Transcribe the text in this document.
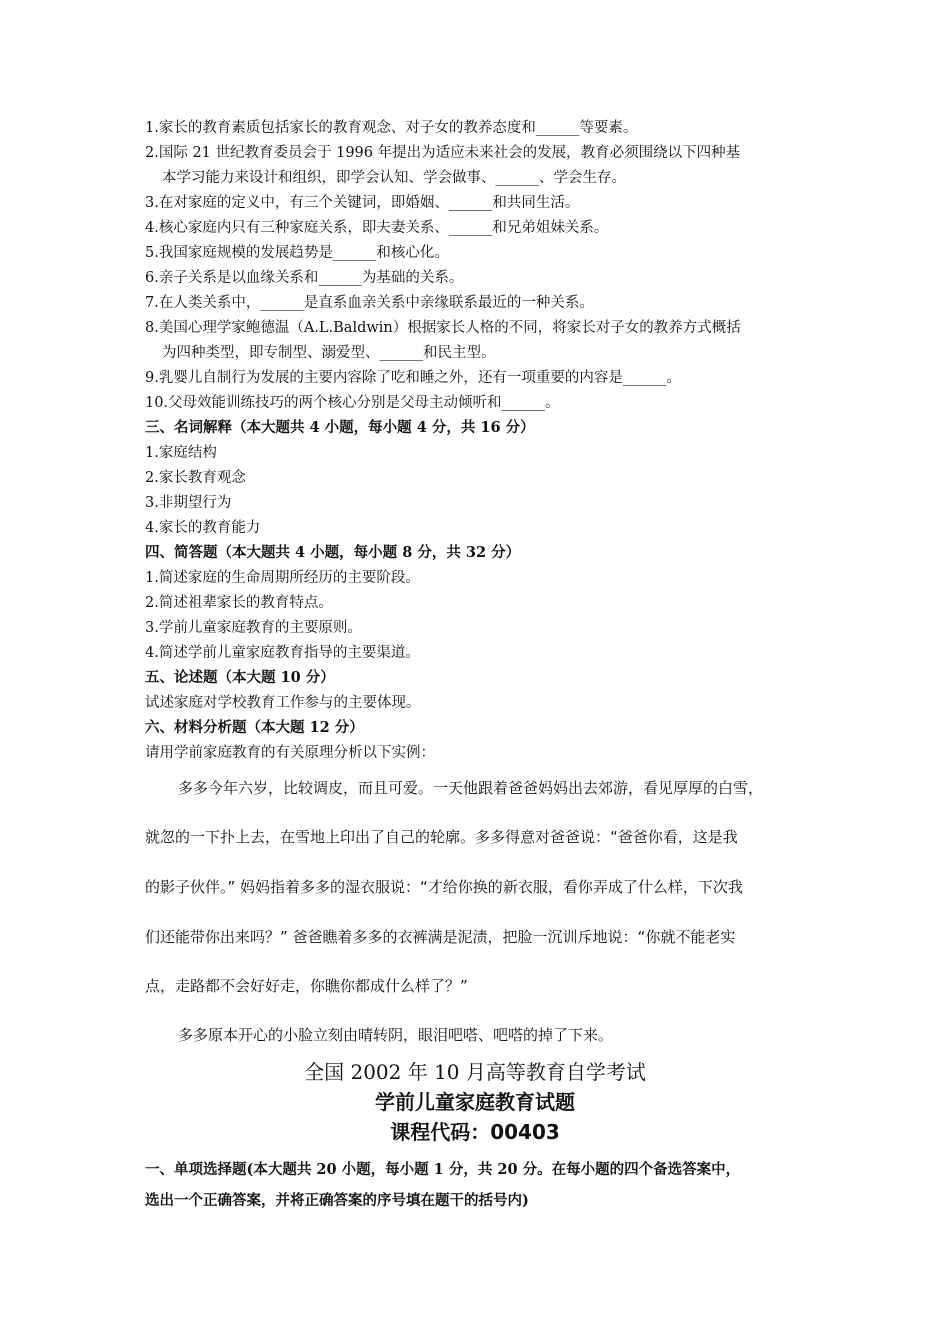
1.家长的教育素质包括家长的教育观念、对子女的教养态度和______等要素。
2.国际 21 世纪教育委员会于 1996 年提出为适应未来社会的发展，教育必须围绕以下四种基
本学习能力来设计和组织，即学会认知、学会做事、______、学会生存。
3.在对家庭的定义中，有三个关键词，即婚姻、______和共同生活。
4.核心家庭内只有三种家庭关系，即夫妻关系、______和兄弟姐妹关系。
5.我国家庭规模的发展趋势是______和核心化。
6.亲子关系是以血缘关系和______为基础的关系。
7.在人类关系中，______是直系血亲关系中亲缘联系最近的一种关系。
8.美国心理学家鲍德温（A.L.Baldwin）根据家长人格的不同，将家长对子女的教养方式概括
为四种类型，即专制型、溺爱型、______和民主型。
9.乳婴儿自制行为发展的主要内容除了吃和睡之外，还有一项重要的内容是______。
10.父母效能训练技巧的两个核心分别是父母主动倾听和______。
三、名词解释（本大题共 4 小题，每小题 4 分，共 16 分）
1.家庭结构
2.家长教育观念
3.非期望行为
4.家长的教育能力
四、简答题（本大题共 4 小题，每小题 8 分，共 32 分）
1.简述家庭的生命周期所经历的主要阶段。
2.简述祖辈家长的教育特点。
3.学前儿童家庭教育的主要原则。
4.简述学前儿童家庭教育指导的主要渠道。
五、论述题（本大题 10 分）
试述家庭对学校教育工作参与的主要体现。
六、材料分析题（本大题 12 分）
请用学前家庭教育的有关原理分析以下实例：
多多今年六岁，比较调皮，而且可爱。一天他跟着爸爸妈妈出去郊游，看见厚厚的白雪，
就忽的一下扑上去，在雪地上印出了自己的轮廓。多多得意对爸爸说：“爸爸你看，这是我
的影子伙伴。” 妈妈指着多多的湿衣服说：“才给你换的新衣服，看你弄成了什么样，下次我
们还能带你出来吗？” 爸爸瞧着多多的衣裤满是泥渍，把脸一沉训斥地说：“你就不能老实
点，走路都不会好好走，你瞧你都成什么样了？”
多多原本开心的小脸立刻由晴转阴，眼泪吧嗒、吧嗒的掉了下来。
全国 2002 年 10 月高等教育自学考试
学前儿童家庭教育试题
课程代码：00403
一、单项选择题(本大题共 20 小题，每小题 1 分，共 20 分。在每小题的四个备选答案中，
选出一个正确答案，并将正确答案的序号填在题干的括号内)
